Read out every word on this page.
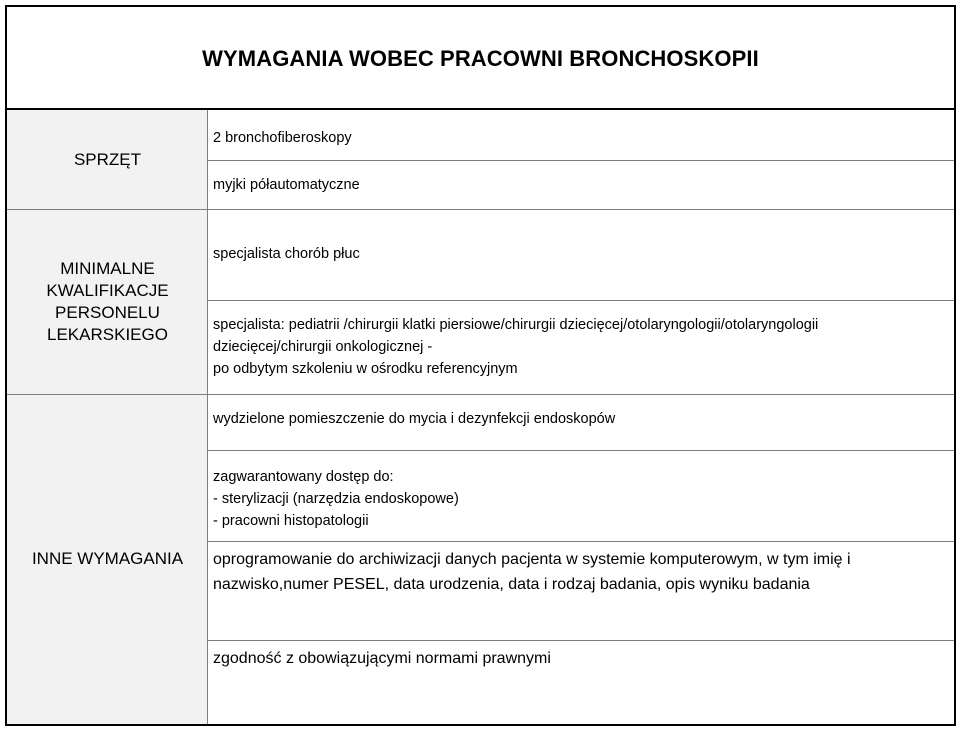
WYMAGANIA WOBEC PRACOWNI BRONCHOSKOPII
SPRZĘT
MINIMALNE
KWALIFIKACJE
PERSONELU
LEKARSKIEGO
INNE WYMAGANIA
2 bronchofiberoskopy
myjki półautomatyczne
specjalista chorób płuc
specjalista: pediatrii /chirurgii klatki piersiowe/chirurgii dziecięcej/otolaryngologii/otolaryngologii
dziecięcej/chirurgii onkologicznej -
po odbytym szkoleniu w ośrodku referencyjnym
wydzielone pomieszczenie do mycia i dezynfekcji endoskopów
zagwarantowany dostęp do:
- sterylizacji (narzędzia endoskopowe)
- pracowni histopatologii
oprogramowanie do archiwizacji danych pacjenta w systemie komputerowym, w tym imię i
nazwisko,numer PESEL, data urodzenia, data i rodzaj badania, opis wyniku badania
zgodność z obowiązującymi normami prawnymi
